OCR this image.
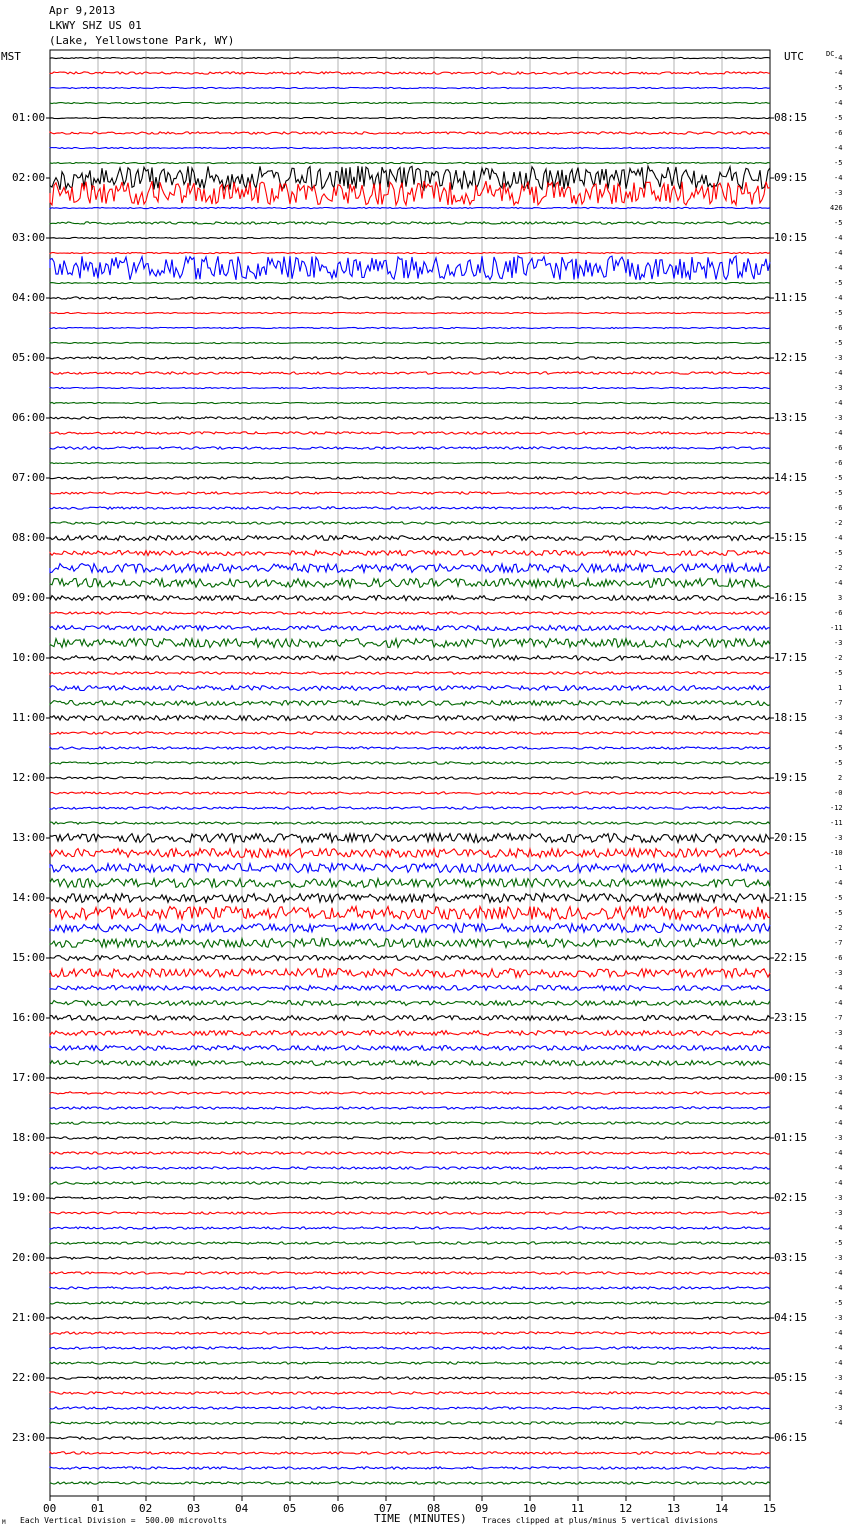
Apr 9,2013
LKWY SHZ US 01
(Lake, Yellowstone Park, WY)
MST	UTC	DC
01:00
02:00
03:00
04:00
05:00
06:00
07:00
08:00
09:00
10:00
11:00
12:00
13:00
14:00
15:00
16:00
17:00
18:00
19:00
20:00
21:00
22:00
23:00
08:15
09:15
10:15
11:15
12:15
13:15
14:15
15:15
16:15
17:15
18:15
19:15
20:15
21:15
22:15
23:15
00:15
01:15
02:15
03:15
04:15
05:15
06:15
-4
-4
-5
-4
-5
-6
-4
-5
-4
-3
426
-5
-4
-4
-4
-5
-4
-5
-6
-5
-3
-4
-3
-4
-3
-4
-6
-6
-5
-5
-6
-2
-4
-5
-2
-4
3
-6
-11
-3
-2
-5
1
-7
-3
-4
-5
-5
2
-0
-12
-11
-3
-10
-1
-4
-5
-5
-2
-7
-6
-3
-4
-4
-7
-3
-4
-4
-3
-4
-4
-4
-3
-4
-4
-4
-3
-3
-4
-5
-3
-4
-4
-5
-3
-4
-4
-4
-3
-4
-3
-4
00	01	02	03	04	05	06	07	08	09	10	11	12	13	14	15
M Each Vertical Division =  500.00 microvolts	TIME (MINUTES) Traces clipped at plus/minus 5 vertical divisions
